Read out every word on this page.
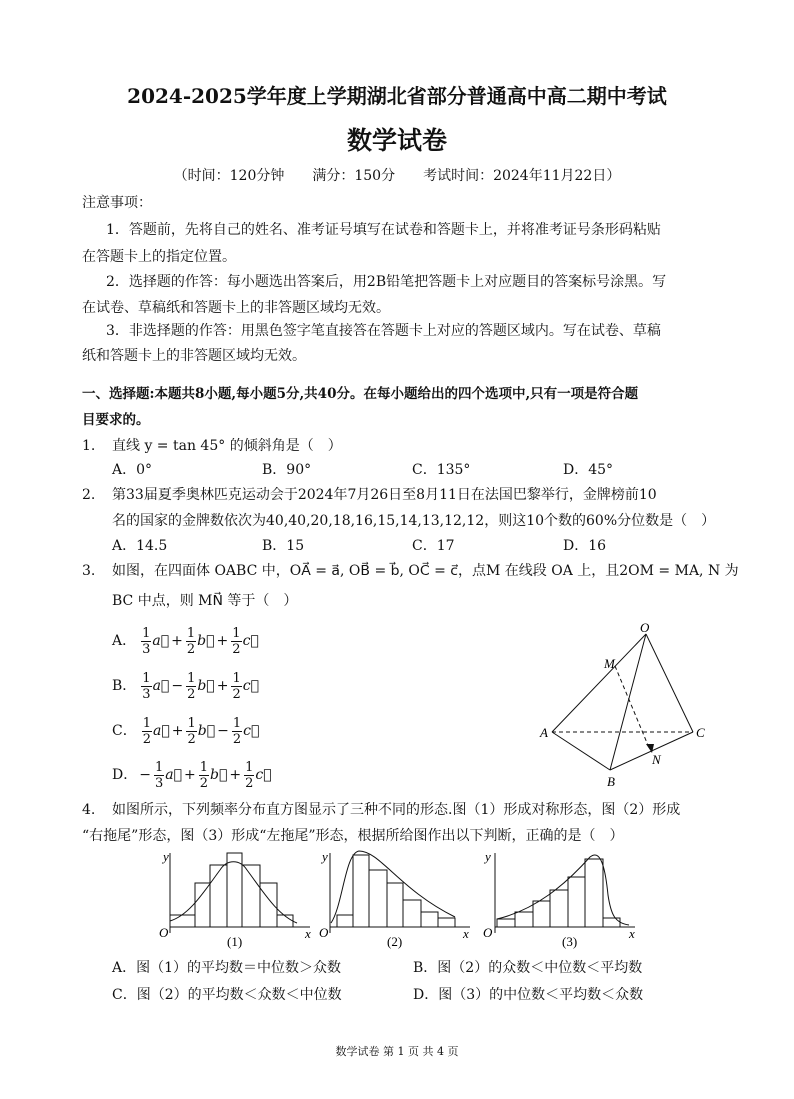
2024-2025学年度上学期湖北省部分普通高中高二期中考试
数学试卷
（时间：120分钟　　满分：150分　　考试时间：2024年11月22日）
注意事项：
1．答题前，先将自己的姓名、准考证号填写在试卷和答题卡上，并将准考证号条形码粘贴
在答题卡上的指定位置。
2．选择题的作答：每小题选出答案后，用2B铅笔把答题卡上对应题目的答案标号涂黑。写
在试卷、草稿纸和答题卡上的非答题区域均无效。
3．非选择题的作答：用黑色签字笔直接答在答题卡上对应的答题区域内。写在试卷、草稿
纸和答题卡上的非答题区域均无效。
一、选择题:本题共8小题,每小题5分,共40分。在每小题给出的四个选项中,只有一项是符合题
目要求的。
1. 直线 y = tan 45° 的倾斜角是（　）
A．0°	B．90°	C．135°	D．45°
2. 第33届夏季奥林匹克运动会于2024年7月26日至8月11日在法国巴黎举行，金牌榜前10
名的国家的金牌数依次为40,40,20,18,16,15,14,13,12,12，则这10个数的60%分位数是（　）
A．14.5	B．15	C．17	D．16
3. 如图，在四面体 OABC 中，OA⃗ = a⃗, OB⃗ = b⃗, OC⃗ = c⃗，点M 在线段 OA 上，且2OM = MA, N 为
BC 中点，则 MN⃗ 等于（　）
A． $\frac{1}{3}$ a⃗ + $\frac{1}{2}$ b⃗ + $\frac{1}{2}$ c⃗
B． $\frac{1}{3}$ a⃗ − $\frac{1}{2}$ b⃗ + $\frac{1}{2}$ c⃗
C． $\frac{1}{2}$ a⃗ + $\frac{1}{2}$ b⃗ − $\frac{1}{2}$ c⃗
D． − $\frac{1}{3}$ a⃗ + $\frac{1}{2}$ b⃗ + $\frac{1}{2}$ c⃗
O
M
A	C
N
B
4. 如图所示，下列频率分布直方图显示了三种不同的形态.图（1）形成对称形态，图（2）形成
“右拖尾”形态，图（3）形成“左拖尾”形态，根据所给图作出以下判断，正确的是（　）
O
y
x
(1)
O
y
x
(2)
O
y
x
(3)
A．图（1）的平均数＝中位数＞众数	B．图（2）的众数＜中位数＜平均数
C．图（2）的平均数＜众数＜中位数	D．图（3）的中位数＜平均数＜众数
数学试卷 第 1 页 共 4 页
